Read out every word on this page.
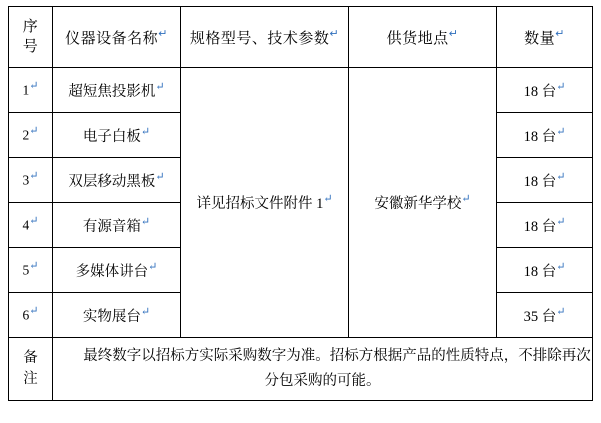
序
号	仪器设备名称↵	规格型号、技术参数↵	供货地点↵	数量↵
1↵	超短焦投影机↵	详见招标文件附件 1↵	安徽新华学校↵	18 台↵
2↵	电子白板↵			18 台↵
3↵	双层移动黑板↵			18 台↵
4↵	有源音箱↵			18 台↵
5↵	多媒体讲台↵			18 台↵
6↵	实物展台↵			35 台↵

备
注	最终数字以招标方实际采购数字为准。招标方根据产品的性质特点，不排除再次分包采购的可能。			
